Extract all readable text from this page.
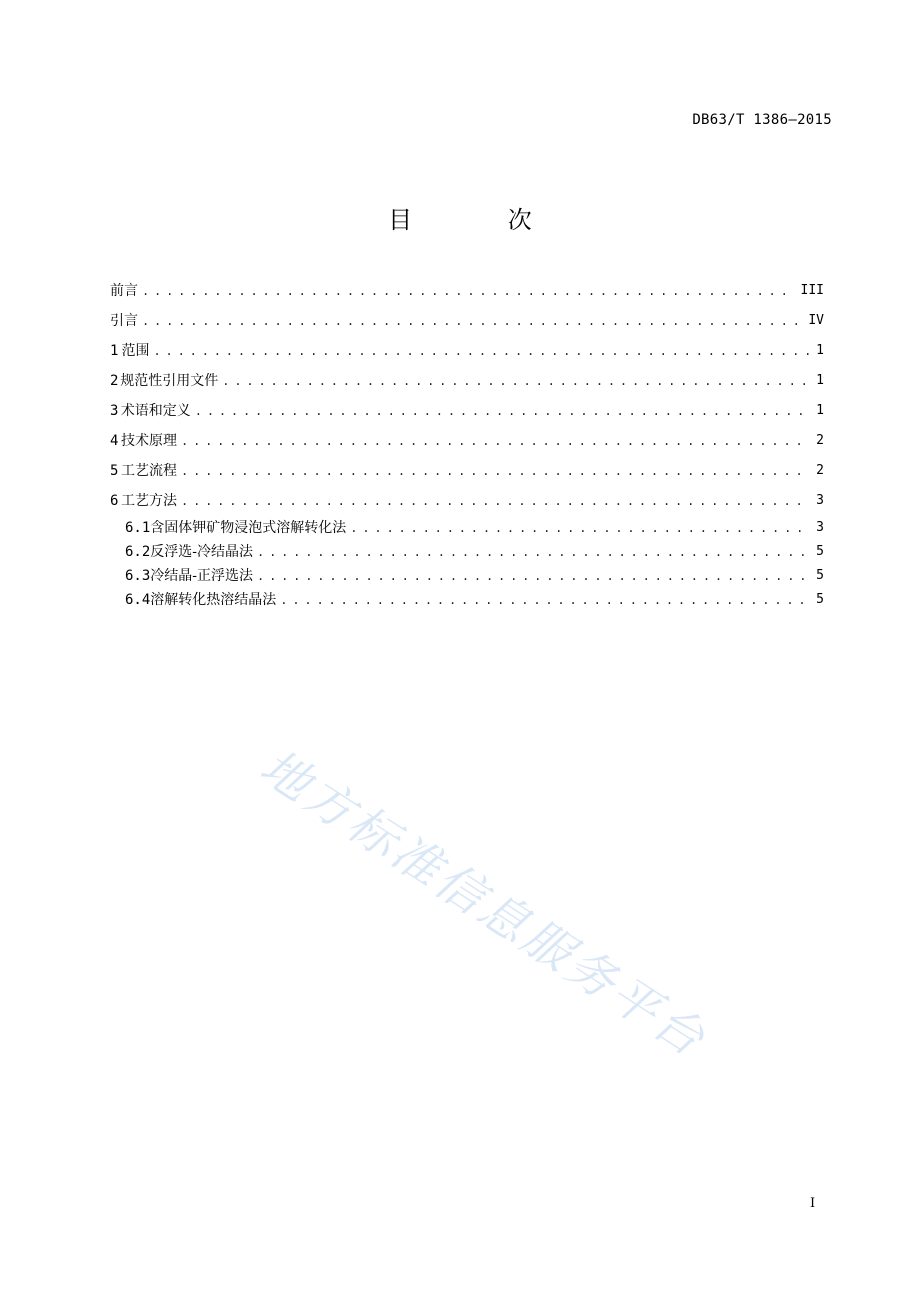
DB63/T 1386—2015
目 次
前言 . . .	III
引言 . . .	IV
1 范围 . . .	1
2 规范性引用文件 . . .	1
3 术语和定义 . . .	1
4 技术原理 . . .	2
5 工艺流程 . . .	2
6 工艺方法 . . .	3
6.1 含固体钾矿物浸泡式溶解转化法 . . .	3
6.2 反浮选-冷结晶法 . . .	5
6.3 冷结晶-正浮选法 . . .	5
6.4 溶解转化热溶结晶法 . . .	5
地方标准信息服务平台
I
